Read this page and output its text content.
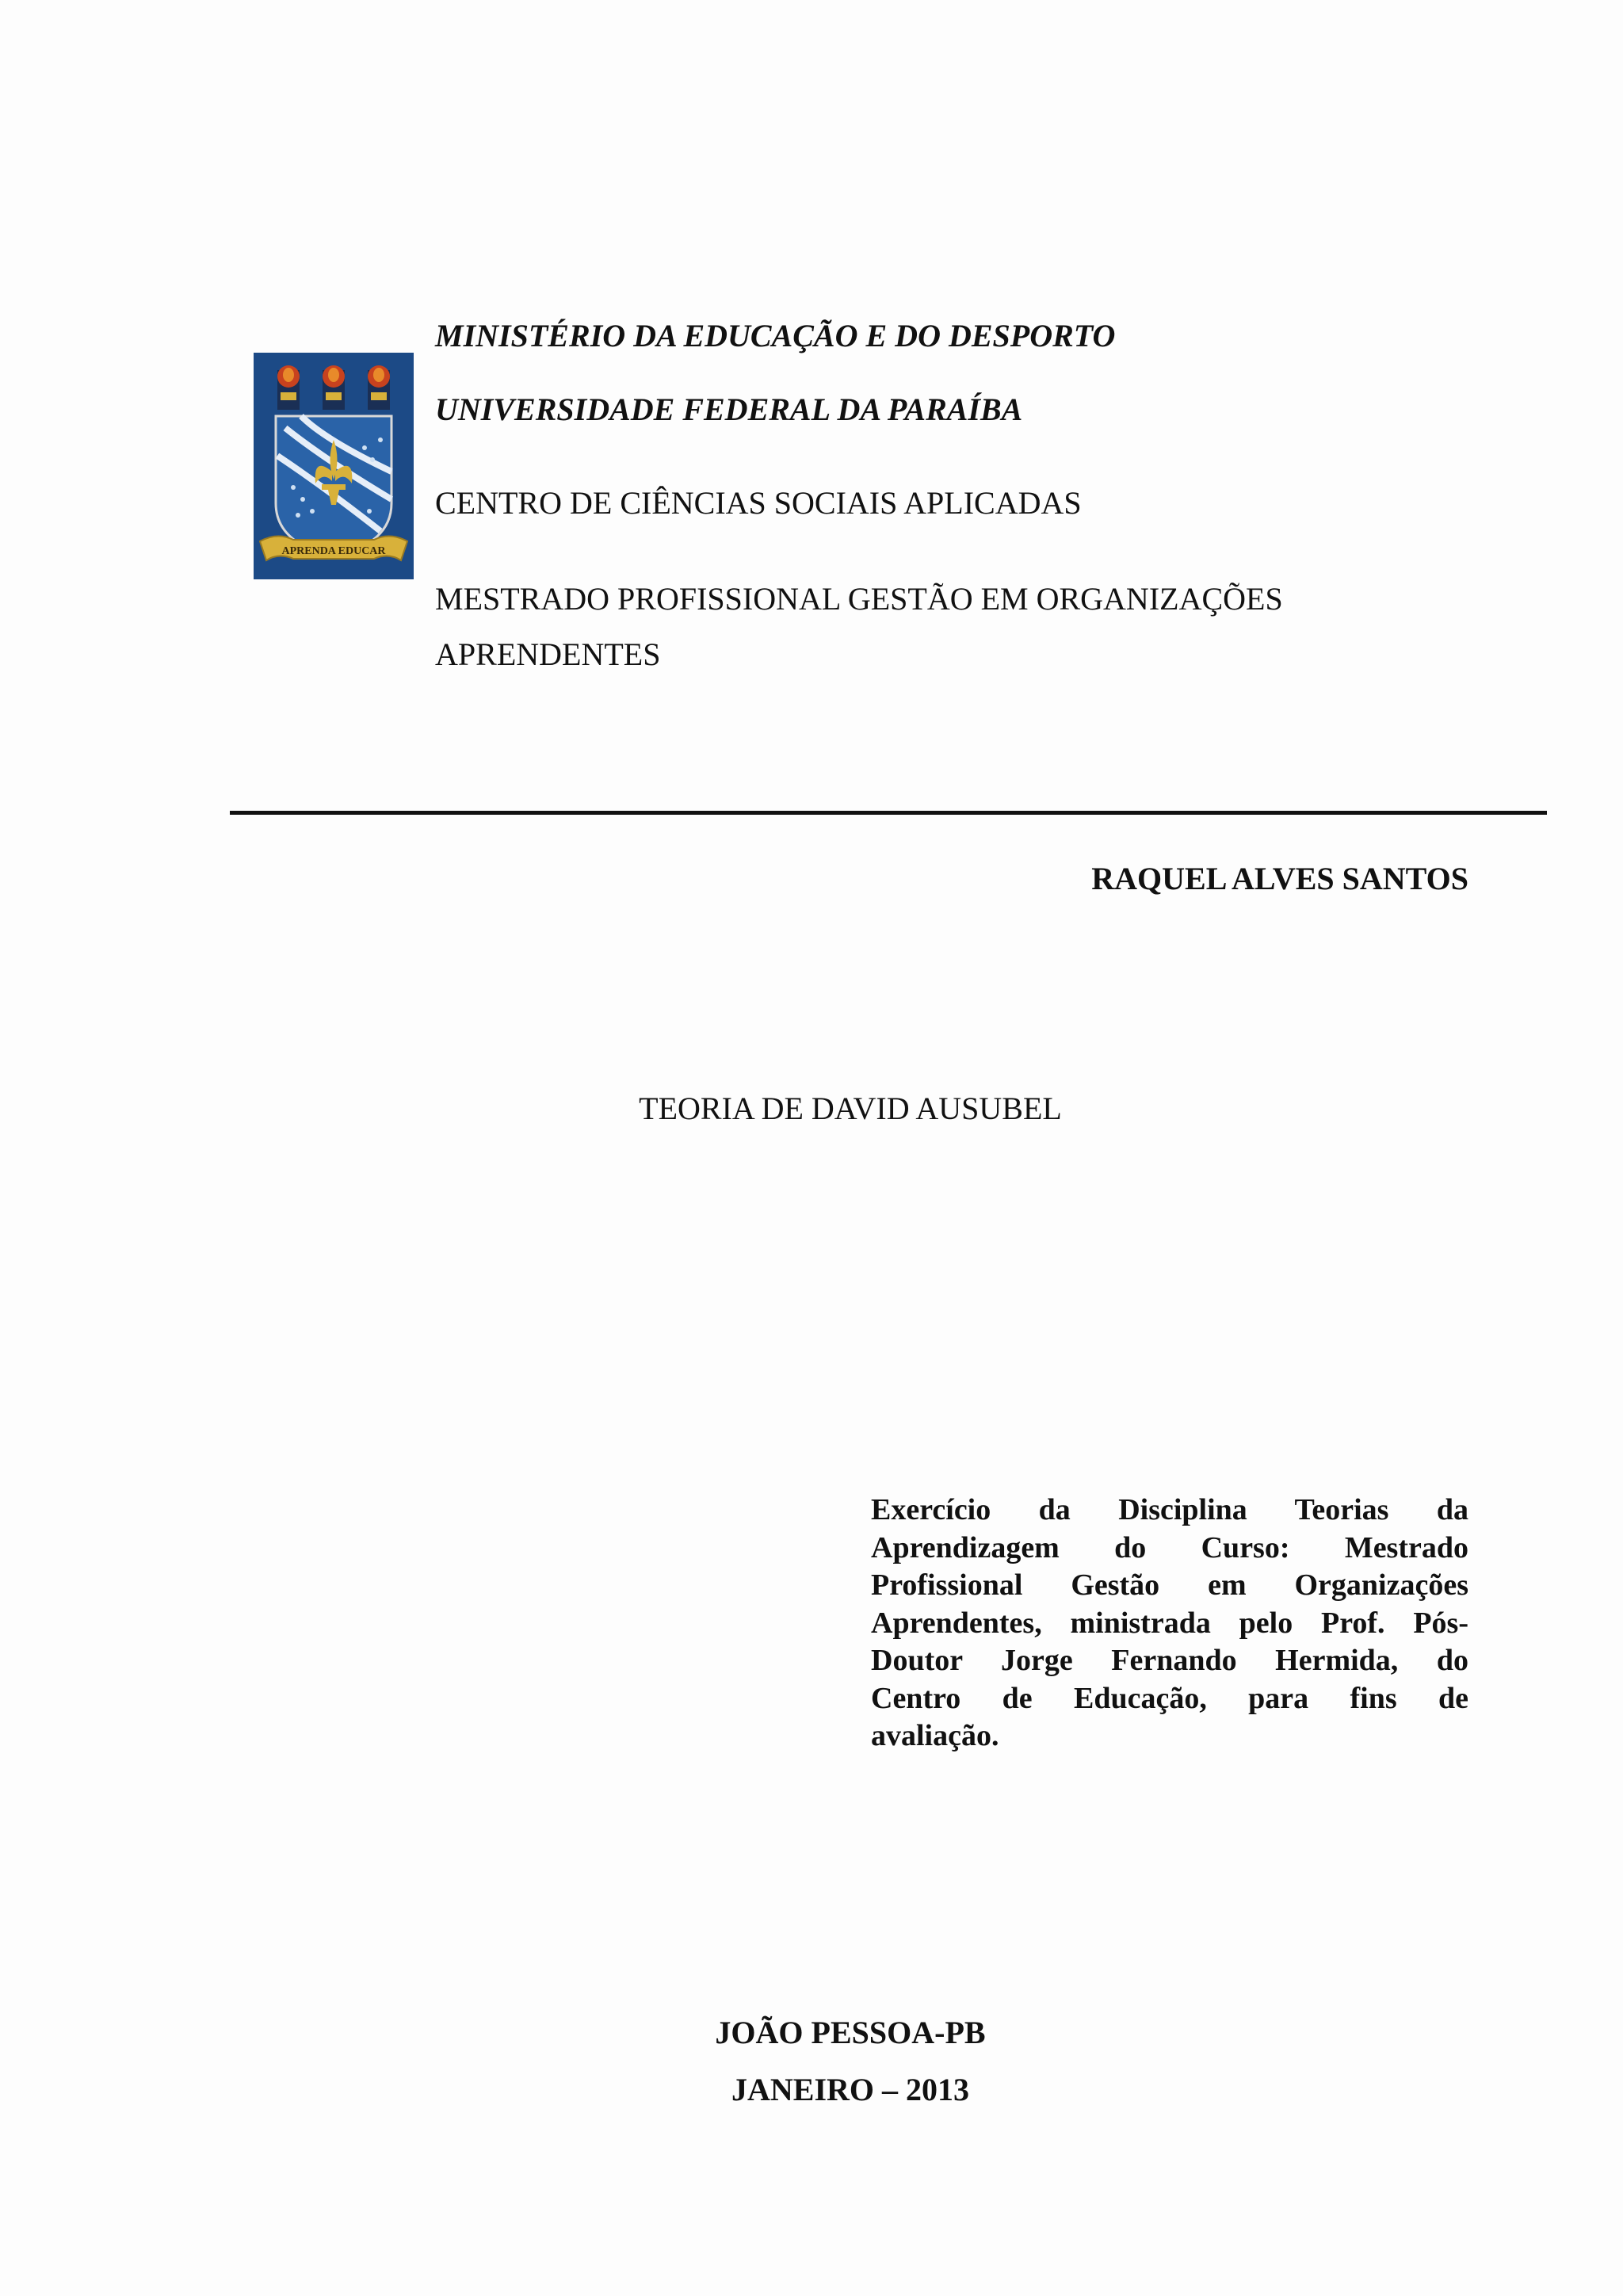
APRENDA EDUCAR
MINISTÉRIO DA EDUCAÇÃO E DO DESPORTO
UNIVERSIDADE FEDERAL DA PARAÍBA
CENTRO DE CIÊNCIAS SOCIAIS APLICADAS
MESTRADO PROFISSIONAL GESTÃO EM ORGANIZAÇÕES
APRENDENTES
RAQUEL ALVES SANTOS
TEORIA DE DAVID AUSUBEL
Exercício da Disciplina Teorias da
Aprendizagem do Curso: Mestrado
Profissional Gestão em Organizações
Aprendentes, ministrada pelo Prof. Pós-
Doutor Jorge Fernando Hermida, do
Centro de Educação, para fins de
avaliação.
JOÃO PESSOA-PB
JANEIRO – 2013
